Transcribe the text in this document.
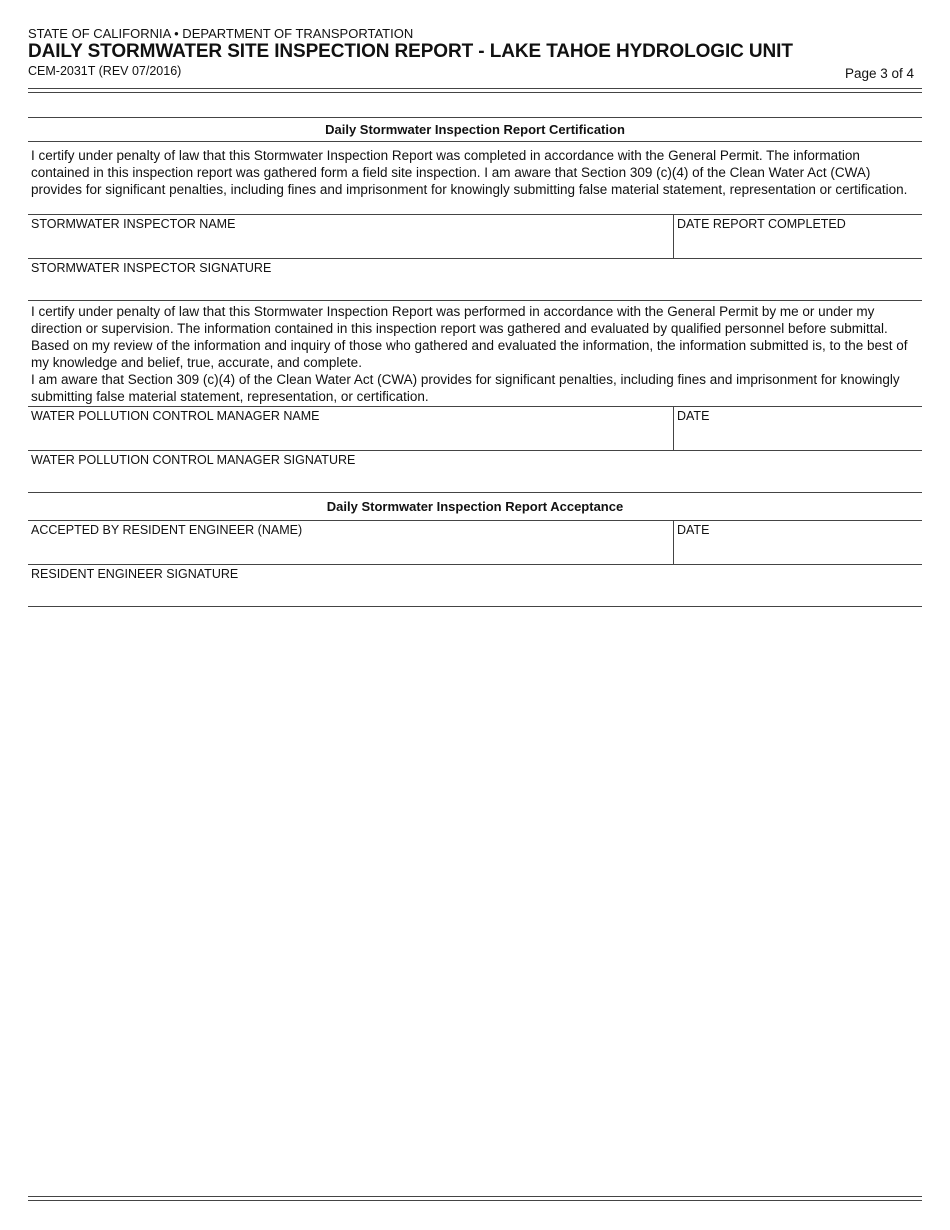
STATE OF CALIFORNIA • DEPARTMENT OF TRANSPORTATION
DAILY STORMWATER SITE INSPECTION REPORT - LAKE TAHOE HYDROLOGIC UNIT
CEM-2031T (REV 07/2016)	Page 3 of 4
Daily Stormwater Inspection Report Certification
I certify under penalty of law that this Stormwater Inspection Report was completed in accordance with the General Permit. The information contained in this inspection report was gathered form a field site inspection. I am aware that Section 309 (c)(4) of the Clean Water Act (CWA) provides for significant penalties, including fines and imprisonment for knowingly submitting false material statement, representation or certification.
STORMWATER INSPECTOR NAME	DATE REPORT COMPLETED
STORMWATER INSPECTOR SIGNATURE
I certify under penalty of law that this Stormwater Inspection Report was performed in accordance with the General Permit by me or under my direction or supervision. The information contained in this inspection report was gathered and evaluated by qualified personnel before submittal. Based on my review of the information and inquiry of those who gathered and evaluated the information, the information submitted is, to the best of my knowledge and belief, true, accurate, and complete.
I am aware that Section 309 (c)(4) of the Clean Water Act (CWA) provides for significant penalties, including fines and imprisonment for knowingly submitting false material statement, representation, or certification.
WATER POLLUTION CONTROL MANAGER NAME	DATE
WATER POLLUTION CONTROL MANAGER SIGNATURE
Daily Stormwater Inspection Report Acceptance
ACCEPTED BY RESIDENT ENGINEER (NAME)	DATE
RESIDENT ENGINEER SIGNATURE
